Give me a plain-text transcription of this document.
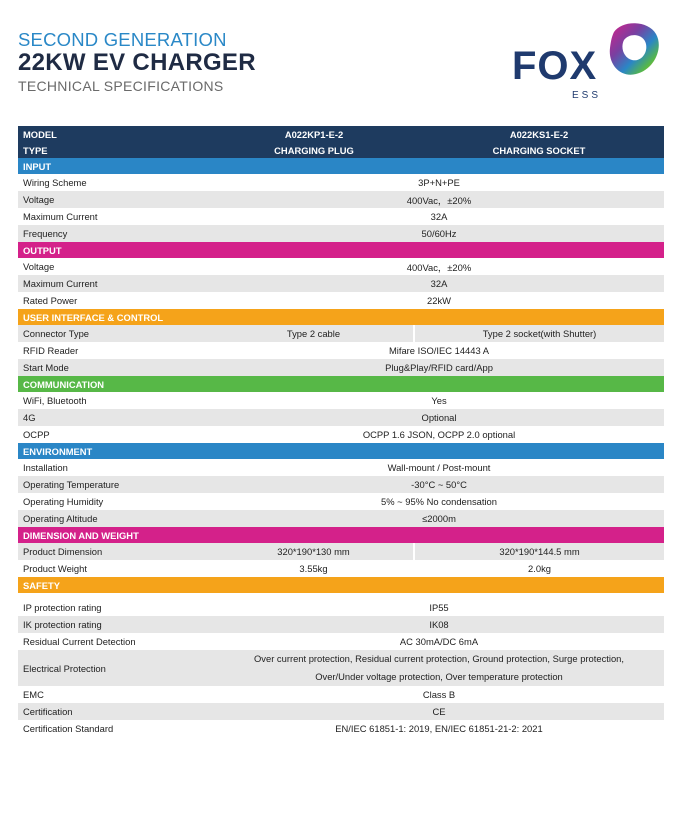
SECOND GENERATION
22KW EV CHARGER
TECHNICAL SPECIFICATIONS	FOX
ESS
MODEL	A022KP1-E-2	A022KS1-E-2
TYPE	CHARGING PLUG	CHARGING SOCKET
INPUT		
Wiring Scheme	3P+N+PE	
Voltage	400Vac，±20%	
Maximum Current	32A	
Frequency	50/60Hz	
OUTPUT		
Voltage	400Vac，±20%	
Maximum Current	32A	
Rated Power	22kW	
USER INTERFACE & CONTROL		
Connector Type	Type 2 cable	Type 2 socket(with Shutter)
RFID Reader	Mifare ISO/IEC 14443 A	
Start Mode	Plug&Play/RFID card/App	
COMMUNICATION		
WiFi, Bluetooth	Yes	
4G	Optional	
OCPP	OCPP 1.6 JSON, OCPP 2.0 optional	
ENVIRONMENT		
Installation	Wall-mount / Post-mount	
Operating Temperature	-30°C ~ 50°C	
Operating Humidity	5% ~ 95% No condensation	
Operating Altitude	≤2000m	
DIMENSION AND WEIGHT		
Product Dimension	320*190*130 mm	320*190*144.5 mm
Product Weight	3.55kg	2.0kg
SAFETY		

IP protection rating	IP55	
IK protection rating	IK08	
Residual Current Detection	AC 30mA/DC 6mA	
Electrical Protection	Over current protection, Residual current protection, Ground protection, Surge protection,
Over/Under voltage protection, Over temperature protection	

EMC	Class B	
Certification	CE	
Certification Standard	EN/IEC 61851-1: 2019, EN/IEC 61851-21-2: 2021	
